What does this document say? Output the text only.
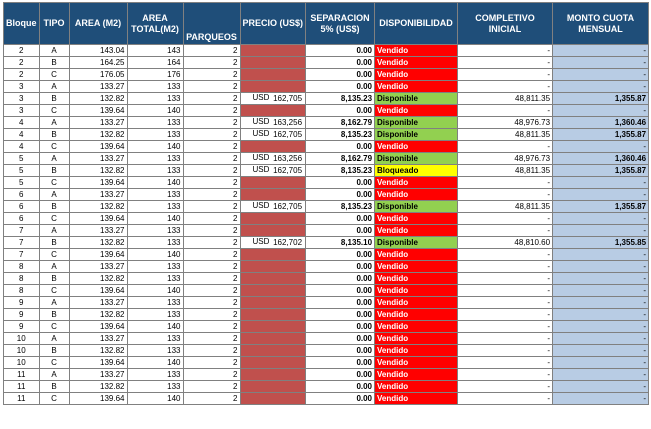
Bloque	TIPO	AREA (M2)	AREA TOTAL(M2)	PARQUEOS	PRECIO (US$)	SEPARACION 5% (US$)	DISPONIBILIDAD	COMPLETIVO INICIAL	MONTO CUOTA MENSUAL
2	A	143.04	143	2		0.00	Vendido	-	-
2	B	164.25	164	2		0.00	Vendido	-	-
2	C	176.05	176	2		0.00	Vendido	-	-
3	A	133.27	133	2		0.00	Vendido	-	-
3	B	132.82	133	2	USD 162,705	8,135.23	Disponible	48,811.35	1,355.87
3	C	139.64	140	2		0.00	Vendido	-	-
4	A	133.27	133	2	USD 163,256	8,162.79	Disponible	48,976.73	1,360.46
4	B	132.82	133	2	USD 162,705	8,135.23	Disponible	48,811.35	1,355.87
4	C	139.64	140	2		0.00	Vendido	-	-
5	A	133.27	133	2	USD 163,256	8,162.79	Disponible	48,976.73	1,360.46
5	B	132.82	133	2	USD 162,705	8,135.23	Bloqueado	48,811.35	1,355.87
5	C	139.64	140	2		0.00	Vendido	-	-
6	A	133.27	133	2		0.00	Vendido	-	-
6	B	132.82	133	2	USD 162,705	8,135.23	Disponible	48,811.35	1,355.87
6	C	139.64	140	2		0.00	Vendido	-	-
7	A	133.27	133	2		0.00	Vendido	-	-
7	B	132.82	133	2	USD 162,702	8,135.10	Disponible	48,810.60	1,355.85
7	C	139.64	140	2		0.00	Vendido	-	-
8	A	133.27	133	2		0.00	Vendido	-	-
8	B	132.82	133	2		0.00	Vendido	-	-
8	C	139.64	140	2		0.00	Vendido	-	-
9	A	133.27	133	2		0.00	Vendido	-	-
9	B	132.82	133	2		0.00	Vendido	-	-
9	C	139.64	140	2		0.00	Vendido	-	-
10	A	133.27	133	2		0.00	Vendido	-	-
10	B	132.82	133	2		0.00	Vendido	-	-
10	C	139.64	140	2		0.00	Vendido	-	-
11	A	133.27	133	2		0.00	Vendido	-	-
11	B	132.82	133	2		0.00	Vendido	-	-
11	C	139.64	140	2		0.00	Vendido	-	-
